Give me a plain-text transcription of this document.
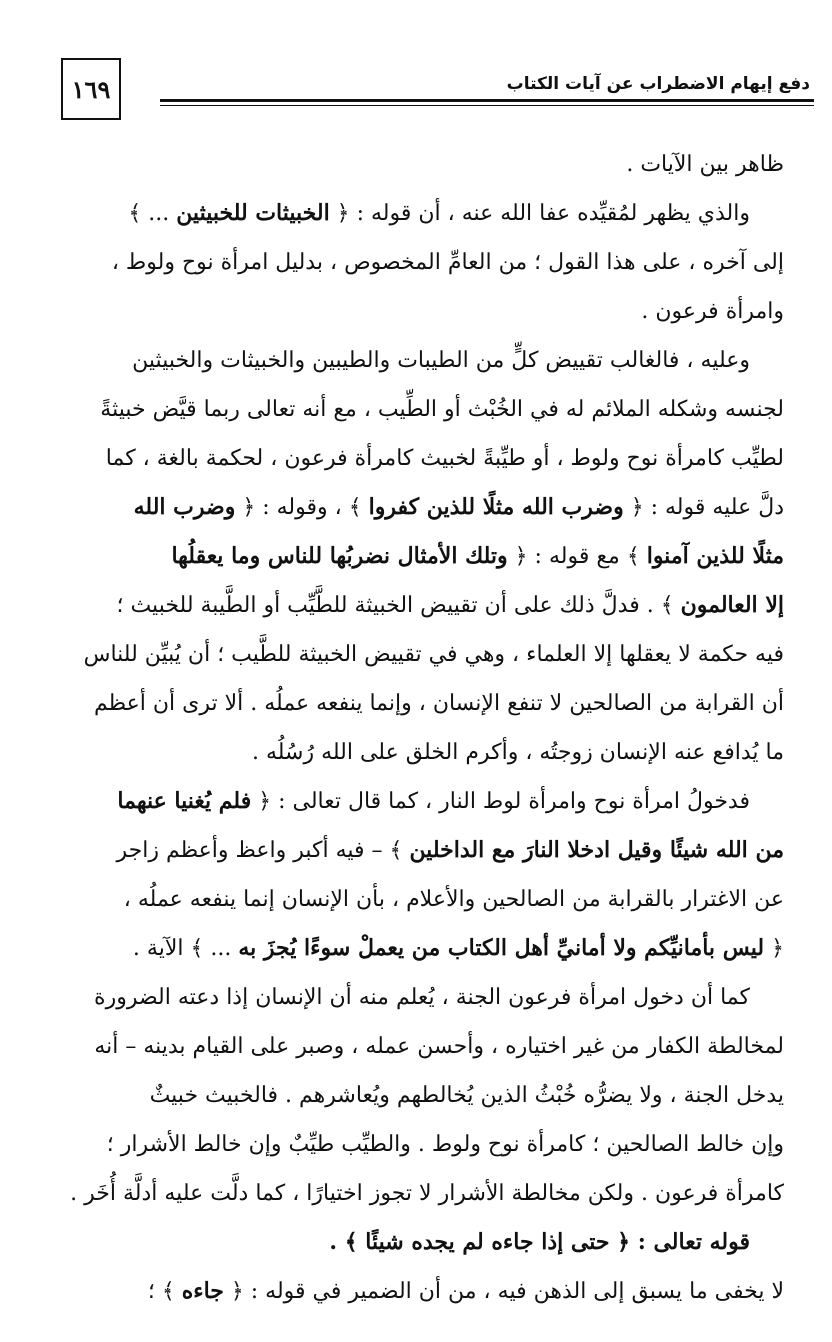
١٦٩	دفع إيهام الاضطراب عن آيات الكتاب
ظاهر بين الآيات .
والذي يظهر لمُقيِّده عفا الله عنه ، أن قوله : ﴿ الخبيثات للخبيثين ... ﴾
إلى آخره ، على هذا القول ؛ من العامِّ المخصوص ، بدليل امرأة نوح ولوط ،
وامرأة فرعون .
وعليه ، فالغالب تقييض كلٍّ من الطيبات والطيبين والخبيثات والخبيثين
لجنسه وشكله الملائم له في الخُبْث أو الطِّيب ، مع أنه تعالى ربما قيَّض خبيثةً
لطيِّب كامرأة نوح ولوط ، أو طيِّبةً لخبيث كامرأة فرعون ، لحكمة بالغة ، كما
دلَّ عليه قوله : ﴿ وضرب الله مثلًا للذين كفروا ﴾ ، وقوله : ﴿ وضرب الله
مثلًا للذين آمنوا ﴾ مع قوله : ﴿ وتلك الأمثال نضربُها للناس وما يعقلُها
إلا العالمون ﴾ . فدلَّ ذلك على أن تقييض الخبيثة للطَّيِّب أو الطَّيبة للخبيث ؛
فيه حكمة لا يعقلها إلا العلماء ، وهي في تقييض الخبيثة للطَّيب ؛ أن يُبيِّن للناس
أن القرابة من الصالحين لا تنفع الإنسان ، وإنما ينفعه عملُه . ألا ترى أن أعظم
ما يُدافع عنه الإنسان زوجتُه ، وأكرم الخلق على الله رُسُلُه .
فدخولُ امرأة نوح وامرأة لوط النار ، كما قال تعالى : ﴿ فلم يُغنيا عنهما
من الله شيئًا وقيل ادخلا النارَ مع الداخلين ﴾ – فيه أكبر واعظ وأعظم زاجر
عن الاغترار بالقرابة من الصالحين والأعلام ، بأن الإنسان إنما ينفعه عملُه ،
﴿ ليس بأمانيِّكم ولا أمانيِّ أهل الكتاب من يعملْ سوءًا يُجزَ به ... ﴾ الآية .
كما أن دخول امرأة فرعون الجنة ، يُعلم منه أن الإنسان إذا دعته الضرورة
لمخالطة الكفار من غير اختياره ، وأحسن عمله ، وصبر على القيام بدينه – أنه
يدخل الجنة ، ولا يضرُّه خُبْثُ الذين يُخالطهم ويُعاشرهم . فالخبيث خبيثٌ
وإن خالط الصالحين ؛ كامرأة نوح ولوط . والطيِّب طيِّبٌ وإن خالط الأشرار ؛
كامرأة فرعون . ولكن مخالطة الأشرار لا تجوز اختيارًا ، كما دلَّت عليه أدلَّة أُخَر .
قوله تعالى : ﴿ حتى إذا جاءه لم يجده شيئًا ﴾ .
لا يخفى ما يسبق إلى الذهن فيه ، من أن الضمير في قوله : ﴿ جاءه ﴾ ؛
